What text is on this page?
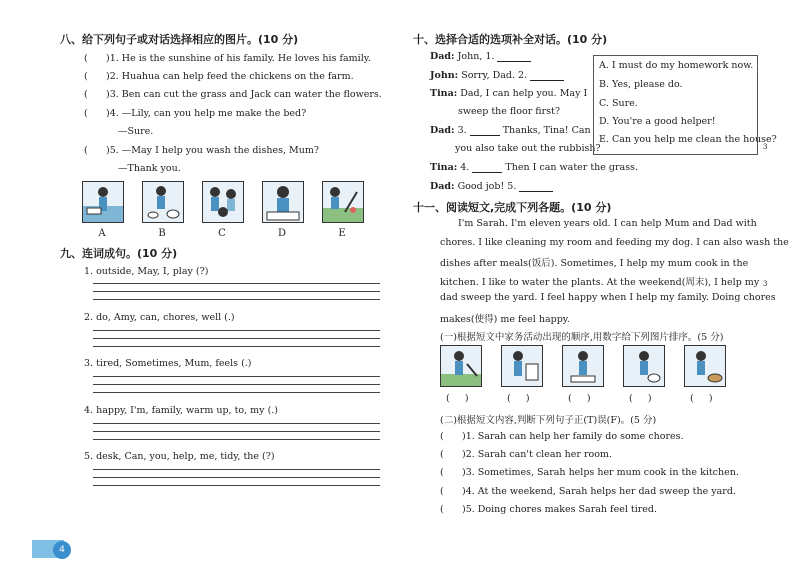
八、给下列句子或对话选择相应的图片。(10 分)
( )1. He is the sunshine of his family. He loves his family.
( )2. Huahua can help feed the chickens on the farm.
( )3. Ben can cut the grass and Jack can water the flowers.
( )4. —Lily, can you help me make the bed?
—Sure.
( )5. —May I help you wash the dishes, Mum?
—Thank you.
A	B	C	D	E
九、连词成句。(10 分)
1. outside, May, I, play (?)
2. do, Amy, can, chores, well (.)
3. tired, Sometimes, Mum, feels (.)
4. happy, I'm, family, warm up, to, my (.)
5. desk, Can, you, help, me, tidy, the (?)
4
十、选择合适的选项补全对话。(10 分)
Dad: John, 1.
John: Sorry, Dad. 2.
Tina: Dad, I can help you. May I
sweep the floor first?
Dad: 3.	Thanks, Tina! Can
you also take out the rubbish?
Tina: 4.	Then I can water the grass.
Dad: Good job! 5.
A. I must do my homework now.
B. Yes, please do.
C. Sure.
D. You're a good helper!
E. Can you help me clean the house?
十一、阅读短文,完成下列各题。(10 分)
I'm Sarah. I'm eleven years old. I can help Mum and Dad with
chores. I like cleaning my room and feeding my dog. I can also wash the
dishes after meals(饭后). Sometimes, I help my mum cook in the
kitchen. I like to water the plants. At the weekend(周末), I help my
dad sweep the yard. I feel happy when I help my family. Doing chores
makes(使得) me feel happy.
(一)根据短文中家务活动出现的顺序,用数字给下列图片排序。(5 分)
( )	( )	( )	( )	( )
(二)根据短文内容,判断下列句子正(T)误(F)。(5 分)
( )1. Sarah can help her family do some chores.
( )2. Sarah can't clean her room.
( )3. Sometimes, Sarah helps her mum cook in the kitchen.
( )4. At the weekend, Sarah helps her dad sweep the yard.
( )5. Doing chores makes Sarah feel tired.
3
3
